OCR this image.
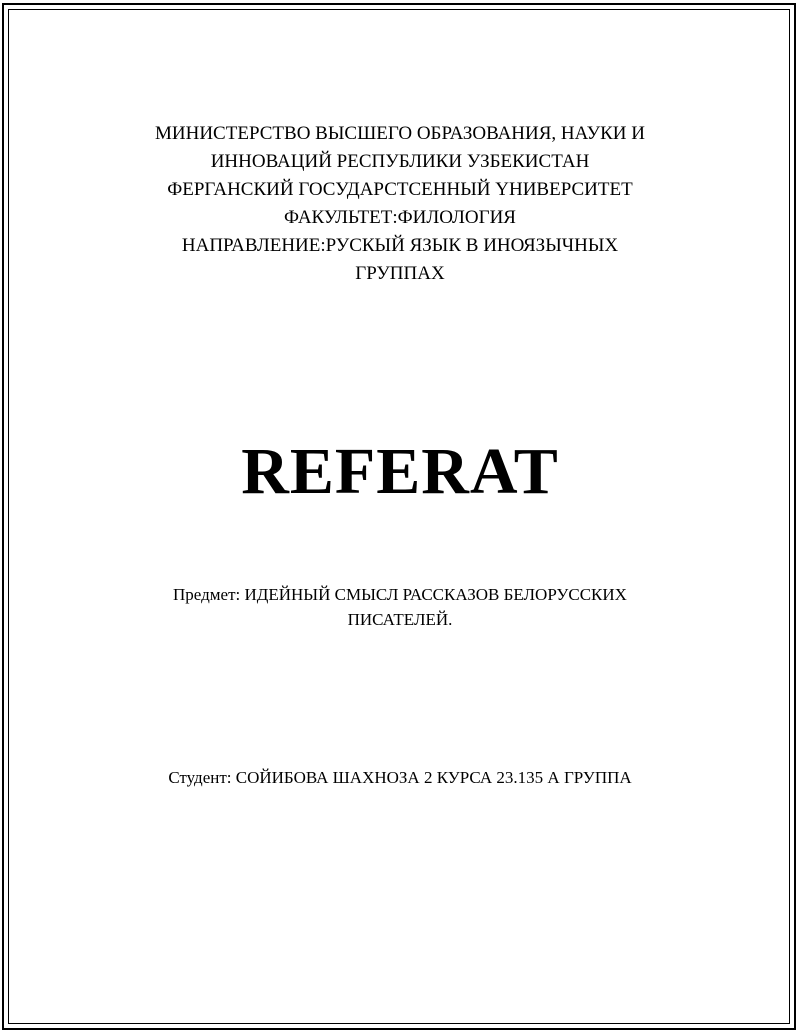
МИНИСТЕРСТВО ВЫСШЕГО ОБРАЗОВАНИЯ, НАУКИ И
ИННОВАЦИЙ РЕСПУБЛИКИ УЗБЕКИСТАН
ФЕРГАНСКИЙ ГОСУДАРСТСЕННЫЙ ҮНИВЕРСИТЕТ
ФАКУЛЬТЕТ:ФИЛОЛОГИЯ
НАПРАВЛЕНИЕ:РУСКЫЙ ЯЗЫК В ИНОЯЗЫЧНЫХ
ГРУППАХ
REFERAT
Предмет: ИДЕЙНЫЙ СМЫСЛ РАССКАЗОВ БЕЛОРУССКИХ
ПИСАТЕЛЕЙ.
Студент: СОЙИБОВА ШАХНОЗА 2 КУРСА 23.135 А ГРУППА
